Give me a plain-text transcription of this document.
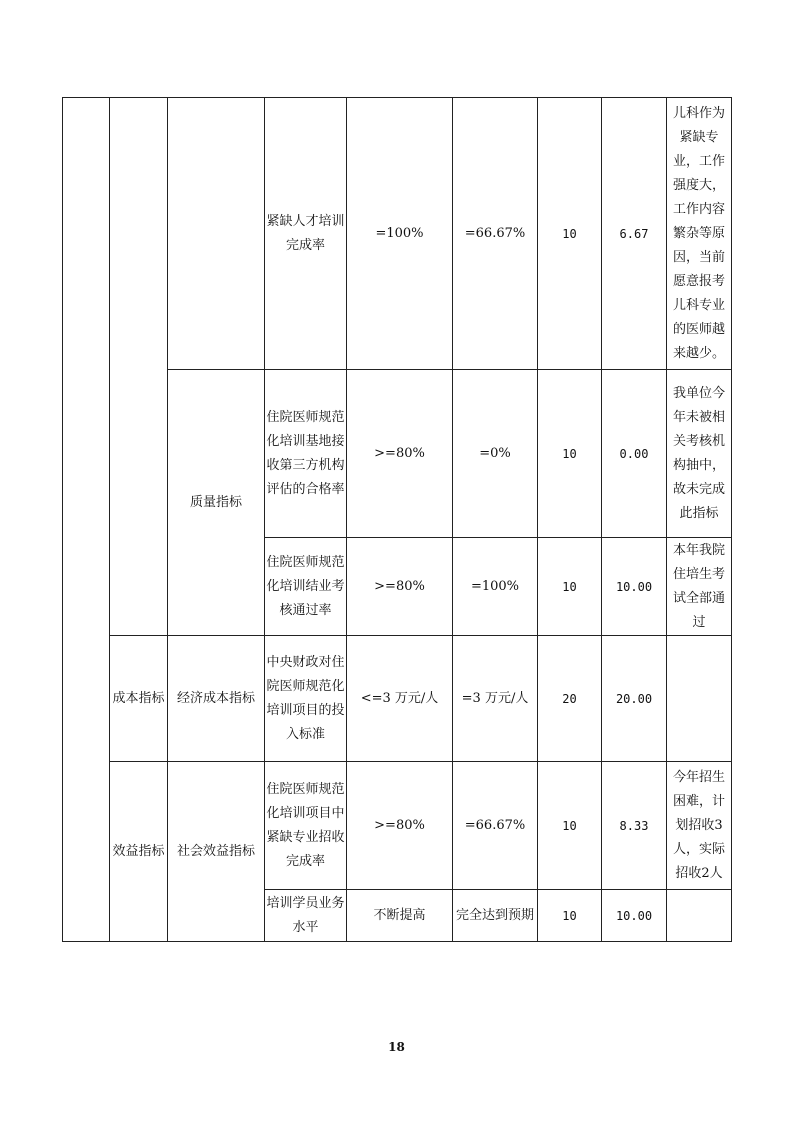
			紧缺人才培训完成率	=100%	=66.67%	10	6.67	儿科作为紧缺专业，工作强度大，工作内容繁杂等原因，当前愿意报考儿科专业的医师越来越少。
		质量指标	住院医师规范化培训基地接收第三方机构评估的合格率	>=80%	=0%	10	0.00	我单位今年未被相关考核机构抽中，故未完成此指标
			住院医师规范化培训结业考核通过率	>=80%	=100%	10	10.00	本年我院住培生考试全部通过
	成本指标	经济成本指标	中央财政对住院医师规范化培训项目的投入标准	<=3 万元/人	=3 万元/人	20	20.00	
	效益指标	社会效益指标	住院医师规范化培训项目中紧缺专业招收完成率	>=80%	=66.67%	10	8.33	今年招生困难，计划招收3人，实际招收2人
			培训学员业务水平	不断提高	完全达到预期	10	10.00	
18
